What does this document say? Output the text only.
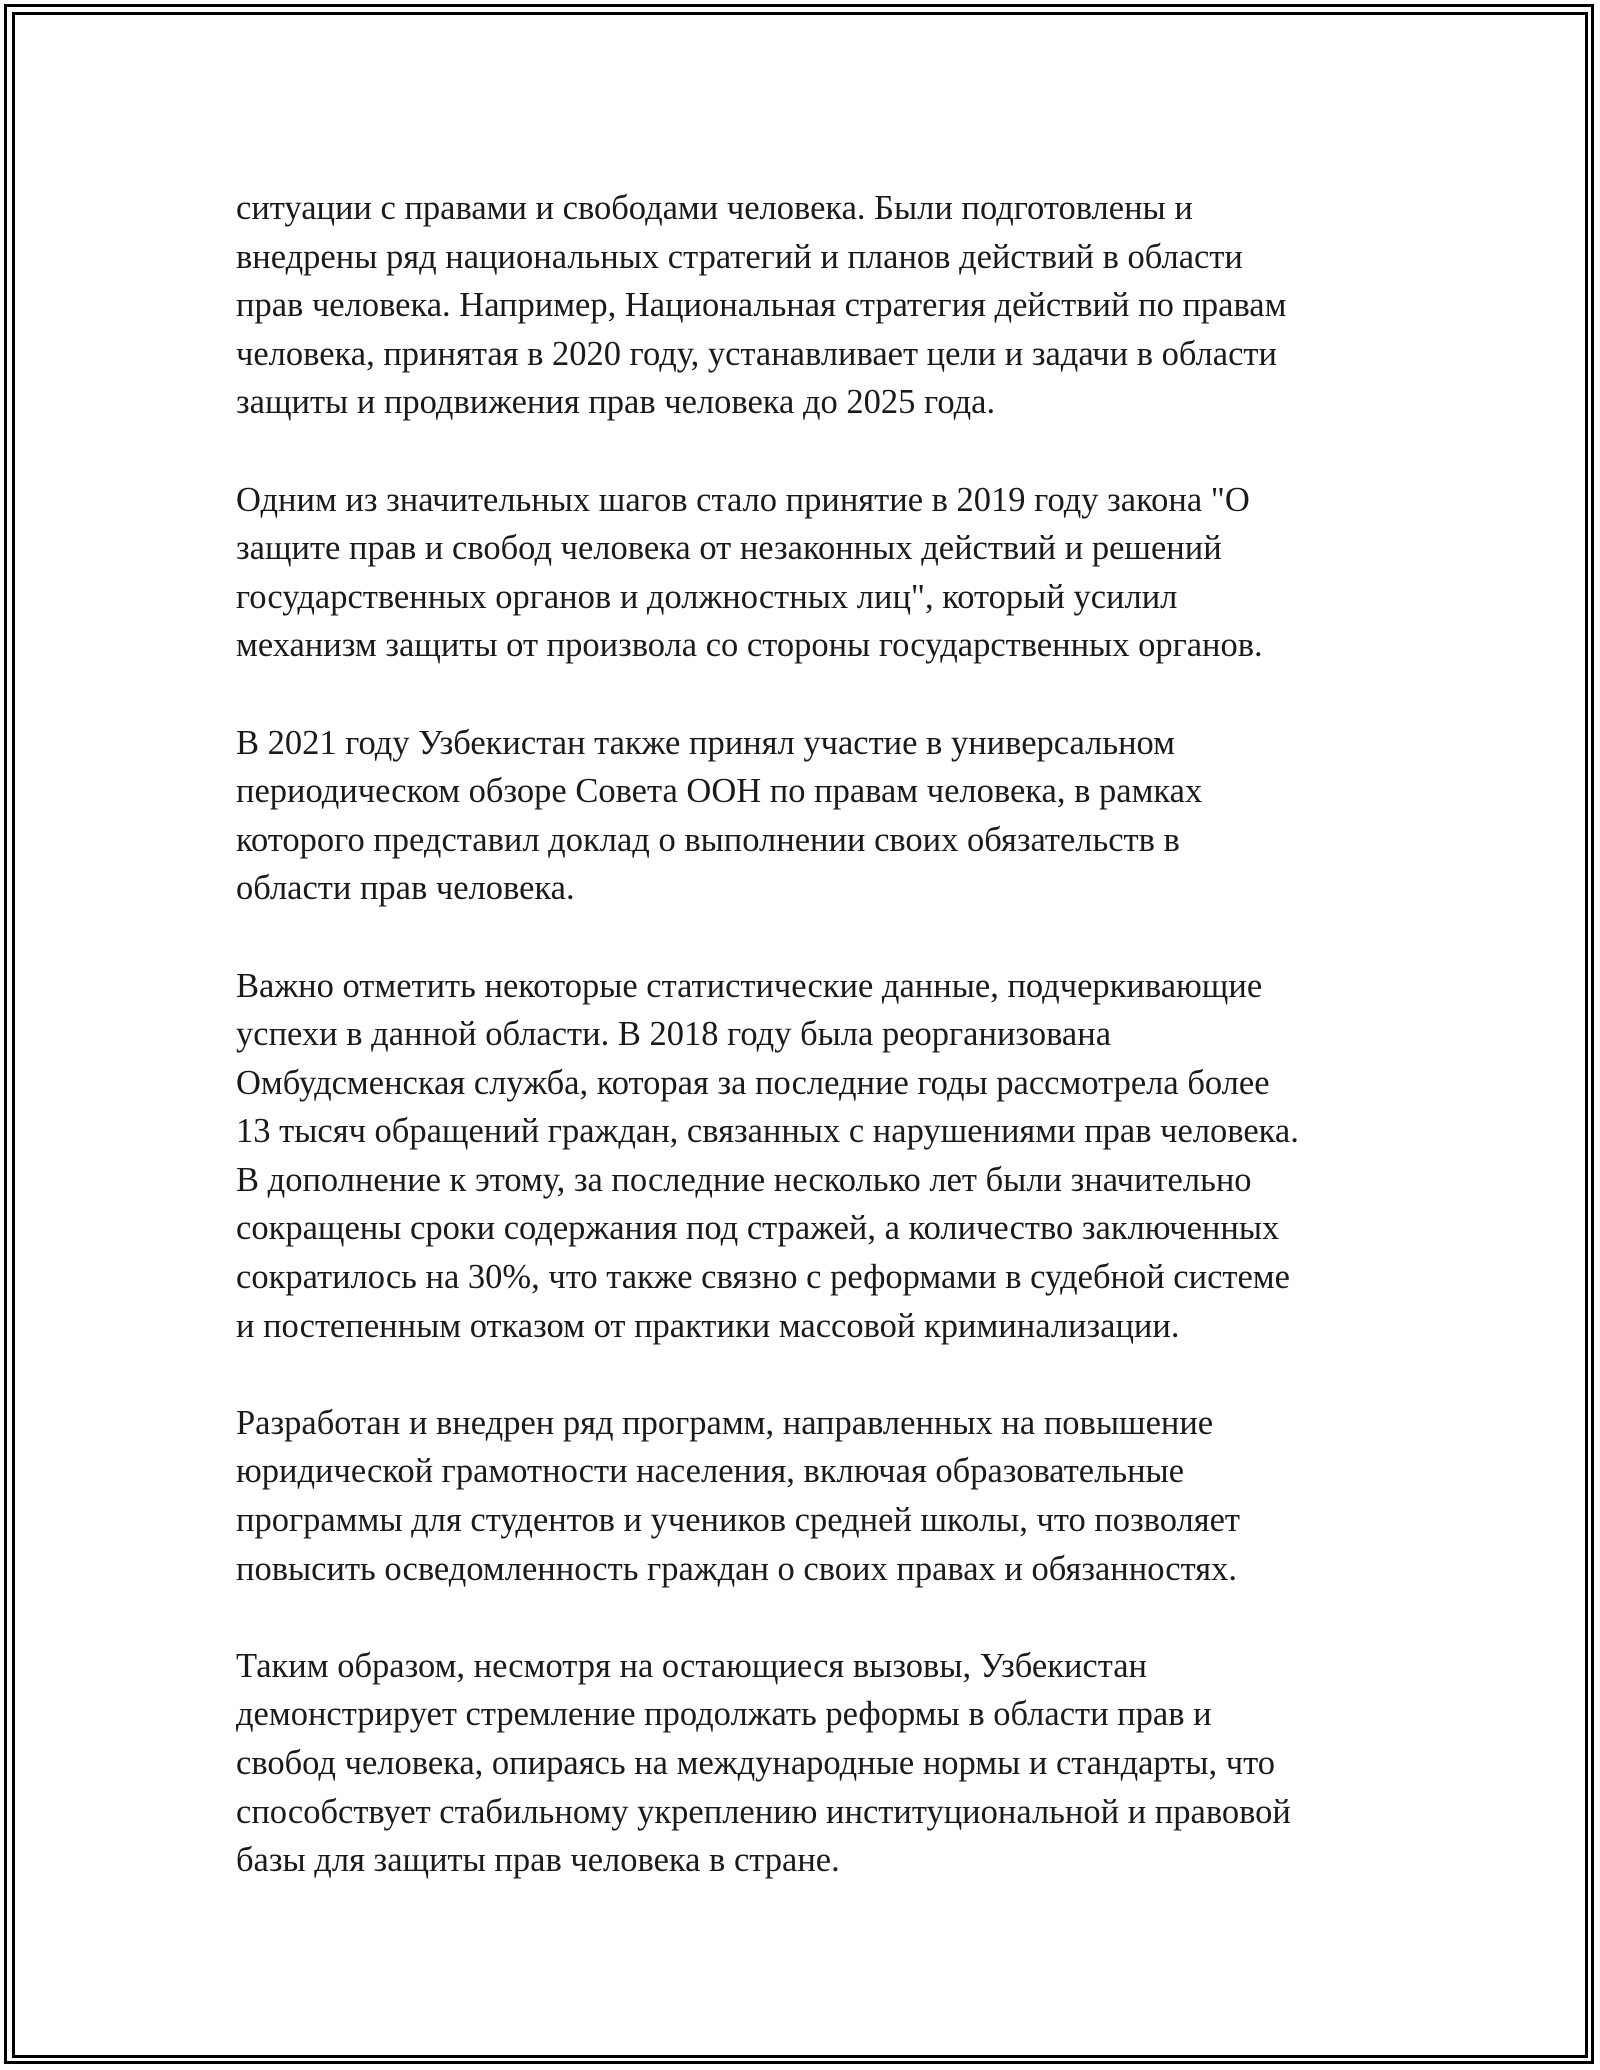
ситуации с правами и свободами человека. Были подготовлены и
внедрены ряд национальных стратегий и планов действий в области
прав человека. Например, Национальная стратегия действий по правам
человека, принятая в 2020 году, устанавливает цели и задачи в области
защиты и продвижения прав человека до 2025 года.

Одним из значительных шагов стало принятие в 2019 году закона "О
защите прав и свобод человека от незаконных действий и решений
государственных органов и должностных лиц", который усилил
механизм защиты от произвола со стороны государственных органов.

В 2021 году Узбекистан также принял участие в универсальном
периодическом обзоре Совета ООН по правам человека, в рамках
которого представил доклад о выполнении своих обязательств в
области прав человека.

Важно отметить некоторые статистические данные, подчеркивающие
успехи в данной области. В 2018 году была реорганизована
Омбудсменская служба, которая за последние годы рассмотрела более
13 тысяч обращений граждан, связанных с нарушениями прав человека.
В дополнение к этому, за последние несколько лет были значительно
сокращены сроки содержания под стражей, а количество заключенных
сократилось на 30%, что также связно с реформами в судебной системе
и постепенным отказом от практики массовой криминализации.

Разработан и внедрен ряд программ, направленных на повышение
юридической грамотности населения, включая образовательные
программы для студентов и учеников средней школы, что позволяет
повысить осведомленность граждан о своих правах и обязанностях.

Таким образом, несмотря на остающиеся вызовы, Узбекистан
демонстрирует стремление продолжать реформы в области прав и
свобод человека, опираясь на международные нормы и стандарты, что
способствует стабильному укреплению институциональной и правовой
базы для защиты прав человека в стране.
